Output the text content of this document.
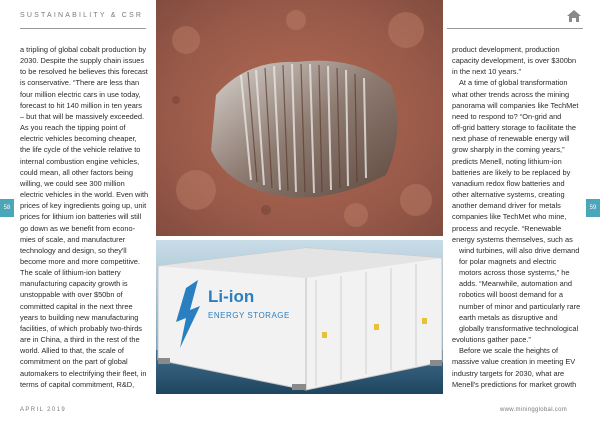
SUSTAINABILITY & CSR
58	59
a tripling of global cobalt production by
2030. Despite the supply chain issues
to be resolved he believes this forecast
is conservative. “There are less than
four million electric cars in use today,
forecast to hit 140 million in ten years
– but that will be massively exceeded.
As you reach the tipping point of
electric vehicles becoming cheaper,
the life cycle of the vehicle relative to
internal combustion engine vehicles,
could mean, all other factors being
willing, we could see 300 million
electric vehicles in the world. Even with
prices of key ingredients going up, unit
prices for lithium ion batteries will still
go down as we benefit from econo-
mies of scale, and manufacturer
technology and design, so they'll
become more and more competitive.
The scale of lithium-ion battery
manufacturing capacity growth is
unstoppable with over $50bn of
committed capital in the next three
years to building new manufacturing
facilities, of which probably two-thirds
are in China, a third in the rest of the
world. Allied to that, the scale of
commitment on the part of global
automakers to electrifying their fleet, in
terms of capital commitment, R&D,
product development, production
capacity development, is over $300bn
in the next 10 years.”
At a time of global transformation
what other trends across the mining
panorama will companies like TechMet
need to respond to? “On-grid and
off-grid battery storage to facilitate the
next phase of renewable energy will
grow sharply in the coming years,”
predicts Menell, noting lithium-ion
batteries are likely to be replaced by
vanadium redox flow batteries and
other alternative systems, creating
another demand driver for metals
companies like TechMet who mine,
process and recycle. “Renewable
energy systems themselves, such as
wind turbines, will also drive demand
for polar magnets and electric
motors across those systems,” he
adds. “Meanwhile, automation and
robotics will boost demand for a
number of minor and particularly rare
earth metals as disruptive and
globally transformative technological
evolutions gather pace.”
Before we scale the heights of
massive value creation in meeting EV
industry targets for 2030, what are
Menell's predictions for market growth
Li-ion
ENERGY STORAGE
APRIL 2019	www.miningglobal.com
